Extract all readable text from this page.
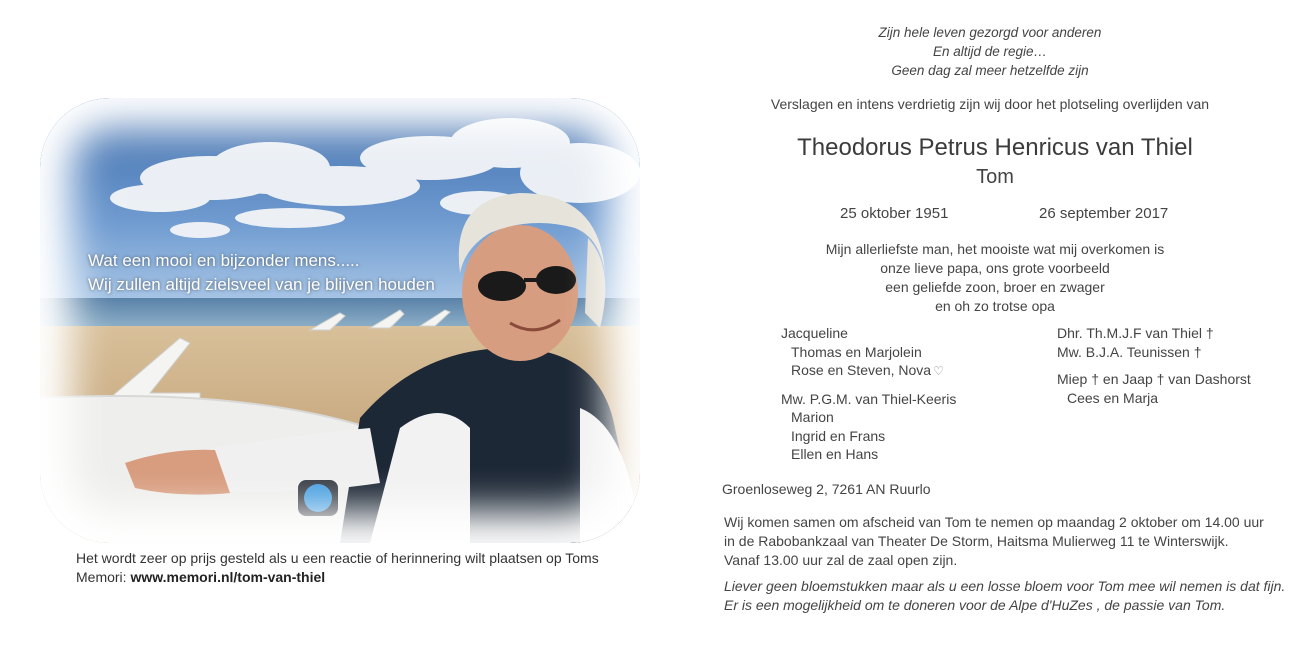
Wat een mooi en bijzonder mens.....
Wij zullen altijd zielsveel van je blijven houden
Het wordt zeer op prijs gesteld als u een reactie of herinnering wilt plaatsen op Toms Memori: www.memori.nl/tom-van-thiel
Zijn hele leven gezorgd voor anderen
En altijd de regie…
Geen dag zal meer hetzelfde zijn
Verslagen en intens verdrietig zijn wij door het plotseling overlijden van
Theodorus Petrus Henricus van Thiel
Tom
25 oktober 1951	26 september 2017
Mijn allerliefste man, het mooiste wat mij overkomen is
onze lieve papa, ons grote voorbeeld
een geliefde zoon, broer en zwager
en oh zo trotse opa
Jacqueline
Thomas en Marjolein
Rose en Steven, Nova ♡
Mw. P.G.M. van Thiel-Keeris
Marion
Ingrid en Frans
Ellen en Hans
Dhr. Th.M.J.F van Thiel †
Mw. B.J.A. Teunissen †
Miep † en Jaap † van Dashorst
Cees en Marja
Groenloseweg 2, 7261 AN Ruurlo
Wij komen samen om afscheid van Tom te nemen op maandag 2 oktober om 14.00 uur
in de Rabobankzaal van Theater De Storm, Haitsma Mulierweg 11 te Winterswijk.
Vanaf 13.00 uur zal de zaal open zijn.
Liever geen bloemstukken maar als u een losse bloem voor Tom mee wil nemen is dat fijn.
Er is een mogelijkheid om te doneren voor de Alpe d'HuZes , de passie van Tom.
